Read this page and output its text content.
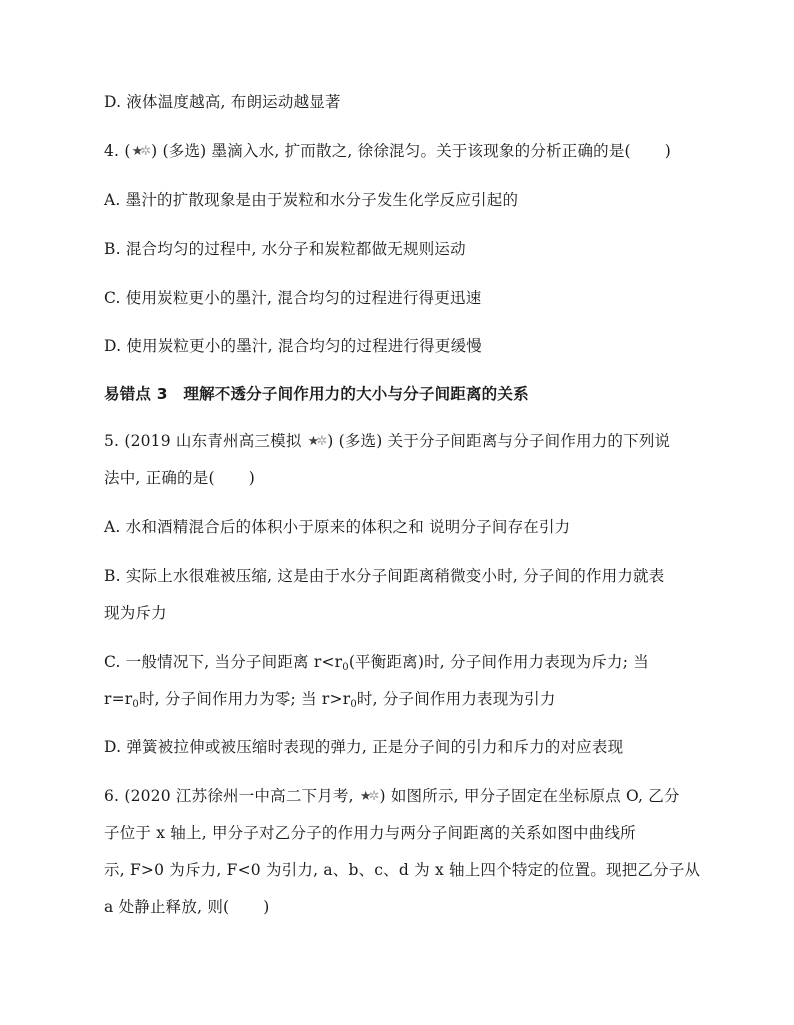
D. 液体温度越高, 布朗运动越显著
4. (★✲ ) (多选) 墨滴入水, 扩而散之, 徐徐混匀。关于该现象的分析正确的是( )
A. 墨汁的扩散现象是由于炭粒和水分子发生化学反应引起的
B. 混合均匀的过程中, 水分子和炭粒都做无规则运动
C. 使用炭粒更小的墨汁, 混合均匀的过程进行得更迅速
D. 使用炭粒更小的墨汁, 混合均匀的过程进行得更缓慢
易错点 3　理解不透分子间作用力的大小与分子间距离的关系
5. (2019 山东青州高三模拟 ★✲ ) (多选) 关于分子间距离与分子间作用力的下列说
法中, 正确的是( )
A. 水和酒精混合后的体积小于原来的体积之和 说明分子间存在引力
B. 实际上水很难被压缩, 这是由于水分子间距离稍微变小时, 分子间的作用力就表
现为斥力
C. 一般情况下, 当分子间距离 $r<r_0$(平衡距离)时, 分子间作用力表现为斥力; 当
$r=r_0$时, 分子间作用力为零; 当 $r>r_0$时, 分子间作用力表现为引力
D. 弹簧被拉伸或被压缩时表现的弹力, 正是分子间的引力和斥力的对应表现
6. (2020 江苏徐州一中高二下月考, ★✲ ) 如图所示, 甲分子固定在坐标原点 O, 乙分
子位于 x 轴上, 甲分子对乙分子的作用力与两分子间距离的关系如图中曲线所
示, F>0 为斥力, F<0 为引力, a、b、c、d 为 x 轴上四个特定的位置。现把乙分子从
a 处静止释放, 则( )
